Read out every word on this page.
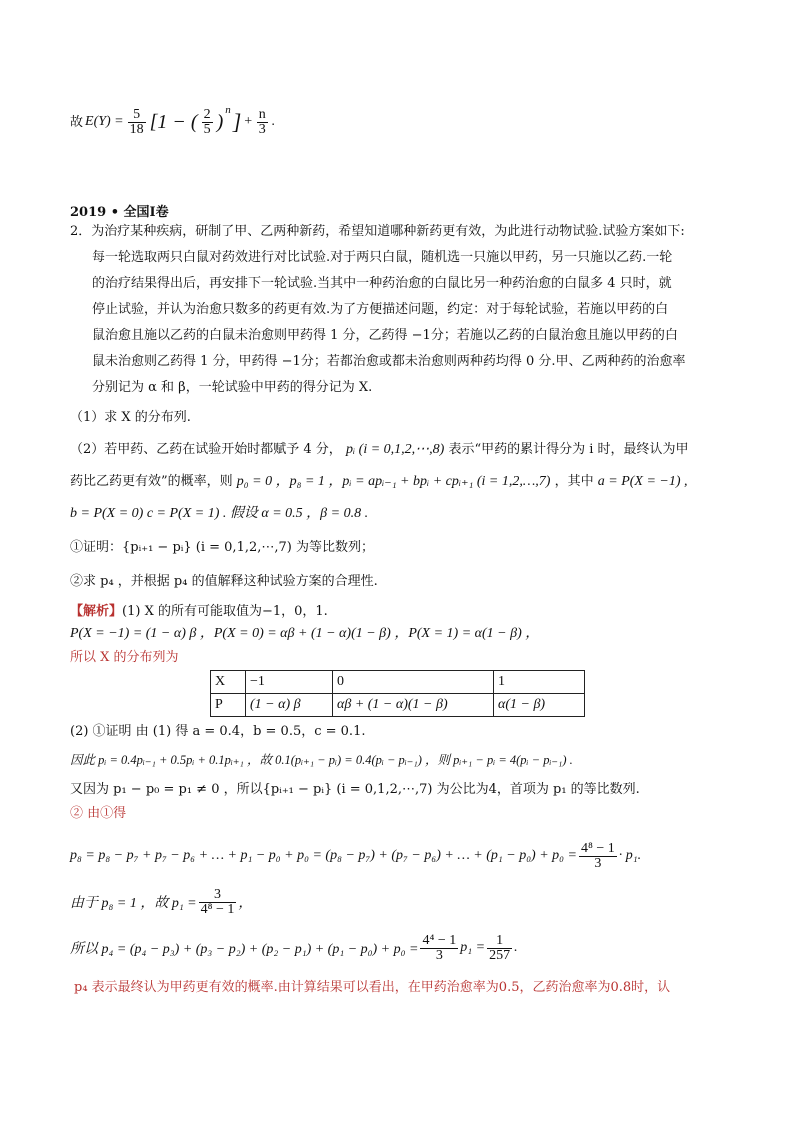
故 $E(Y) = \frac{5}{18} [1$ − ( $\frac{2}{5}$ )
$^n$ ] + $\frac{n}{3}$ .
2019 • 全国Ⅰ卷
2．为治疗某种疾病，研制了甲、乙两种新药，希望知道哪种新药更有效，为此进行动物试验.试验方案如下:
每一轮选取两只白鼠对药效进行对比试验.对于两只白鼠，随机选一只施以甲药，另一只施以乙药.一轮
的治疗结果得出后，再安排下一轮试验.当其中一种药治愈的白鼠比另一种药治愈的白鼠多 4 只时，就
停止试验，并认为治愈只数多的药更有效.为了方便描述问题，约定：对于每轮试验，若施以甲药的白
鼠治愈且施以乙药的白鼠未治愈则甲药得 1 分，乙药得 −1分；若施以乙药的白鼠治愈且施以甲药的白
鼠未治愈则乙药得 1 分，甲药得 −1分；若都治愈或都未治愈则两种药均得 0 分.甲、乙两种药的治愈率
分别记为 α 和 β，一轮试验中甲药的得分记为 X.
（1）求 X 的分布列.
（2）若甲药、乙药在试验开始时都赋予 4 分， pᵢ (i = 0,1,2,⋯,8) 表示“甲药的累计得分为 i 时，最终认为甲
药比乙药更有效”的概率，则 p₀ = 0 ，p₈ = 1 ，pᵢ = apᵢ₋₁ + bpᵢ + cpᵢ₊₁ (i = 1,2,…,7) ，其中 a = P(X = −1) ,
b = P(X = 0) c = P(X = 1) . 假设 α = 0.5 ，β = 0.8 .
①证明：{pᵢ₊₁ − pᵢ} (i = 0,1,2,⋯,7) 为等比数列；
②求 p₄ ，并根据 p₄ 的值解释这种试验方案的合理性.
【解析】(1) X 的所有可能取值为−1，0，1.
P(X = −1) = (1 − α) β ，P(X = 0) = αβ + (1 − α)(1 − β) ，P(X = 1) = α(1 − β) ，
所以 X 的分布列为
X	−1	0	1
P	(1 − α) β	αβ + (1 − α)(1 − β)	α(1 − β)
(2) ①证明 由 (1) 得 a = 0.4，b = 0.5，c = 0.1.
因此 pᵢ = 0.4pᵢ₋₁ + 0.5pᵢ + 0.1pᵢ₊₁ ，故 0.1(pᵢ₊₁ − pᵢ) = 0.4(pᵢ − pᵢ₋₁) ，则 pᵢ₊₁ − pᵢ = 4(pᵢ − pᵢ₋₁) .
又因为 p₁ − p₀ = p₁ ≠ 0 ，所以{pᵢ₊₁ − pᵢ} (i = 0,1,2,⋯,7) 为公比为4，首项为 p₁ 的等比数列.
② 由①得
p₈ = p₈ − p₇ + p₇ − p₆ + … + p₁ − p₀ + p₀ = (p₈ − p₇) + (p₇ − p₆) + … + $(p_1 - p_0) + p_0 = \frac{\text{4⁸ − 1}}{3} \cdot p_1$.
由于 p₈ = 1 ，故 $p_1 = \frac{3}{\text{4⁸ − 1}}$ ，
所以 $p_4 = (p_4 - p_3) + (p_3 - p_2) + (p_2 - p_1) + (p_1 - p_0) + p_0 = \frac{\text{4⁴ − 1}}{3} p_1 = \frac{1}{257}$ .
p₄ 表示最终认为甲药更有效的概率.由计算结果可以看出，在甲药治愈率为0.5，乙药治愈率为0.8时，认
